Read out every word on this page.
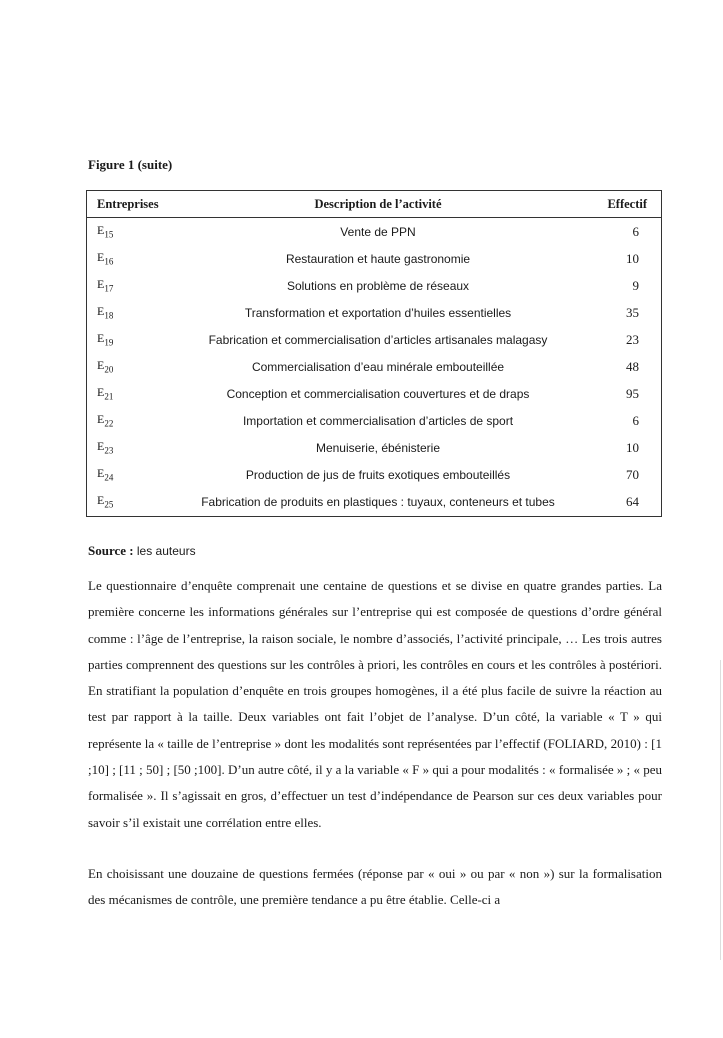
Figure 1 (suite)
Entreprises	Description de l’activité	Effectif
$E_{15}$	Vente de PPN	6
$E_{16}$	Restauration et haute gastronomie	10
$E_{17}$	Solutions en problème de réseaux	9
$E_{18}$	Transformation et exportation d’huiles essentielles	35
$E_{19}$	Fabrication et commercialisation d’articles artisanales malagasy	23
$E_{20}$	Commercialisation d’eau minérale embouteillée	48
$E_{21}$	Conception et commercialisation couvertures et de draps	95
$E_{22}$	Importation et commercialisation d’articles de sport	6
$E_{23}$	Menuiserie, ébénisterie	10
$E_{24}$	Production de jus de fruits exotiques embouteillés	70
$E_{25}$	Fabrication de produits en plastiques : tuyaux, conteneurs et tubes	64
Source : les auteurs
Le questionnaire d’enquête comprenait une centaine de questions et se divise en quatre grandes parties. La première concerne les informations générales sur l’entreprise qui est composée de questions d’ordre général comme : l’âge de l’entreprise, la raison sociale, le nombre d’associés, l’activité principale, … Les trois autres parties comprennent des questions sur les contrôles à priori, les contrôles en cours et les contrôles à postériori. En stratifiant la population d’enquête en trois groupes homogènes, il a été plus facile de suivre la réaction au test par rapport à la taille. Deux variables ont fait l’objet de l’analyse. D’un côté, la variable « T » qui représente la « taille de l’entreprise » dont les modalités sont représentées par l’effectif (FOLIARD, 2010) : [1 ;10] ; [11 ; 50] ; [50 ;100]. D’un autre côté, il y a la variable « F » qui a pour modalités : « formalisée » ; « peu formalisée ». Il s’agissait en gros, d’effectuer un test d’indépendance de Pearson sur ces deux variables pour savoir s’il existait une corrélation entre elles.
En choisissant une douzaine de questions fermées (réponse par « oui » ou par « non ») sur la formalisation des mécanismes de contrôle, une première tendance a pu être établie. Celle-ci a
